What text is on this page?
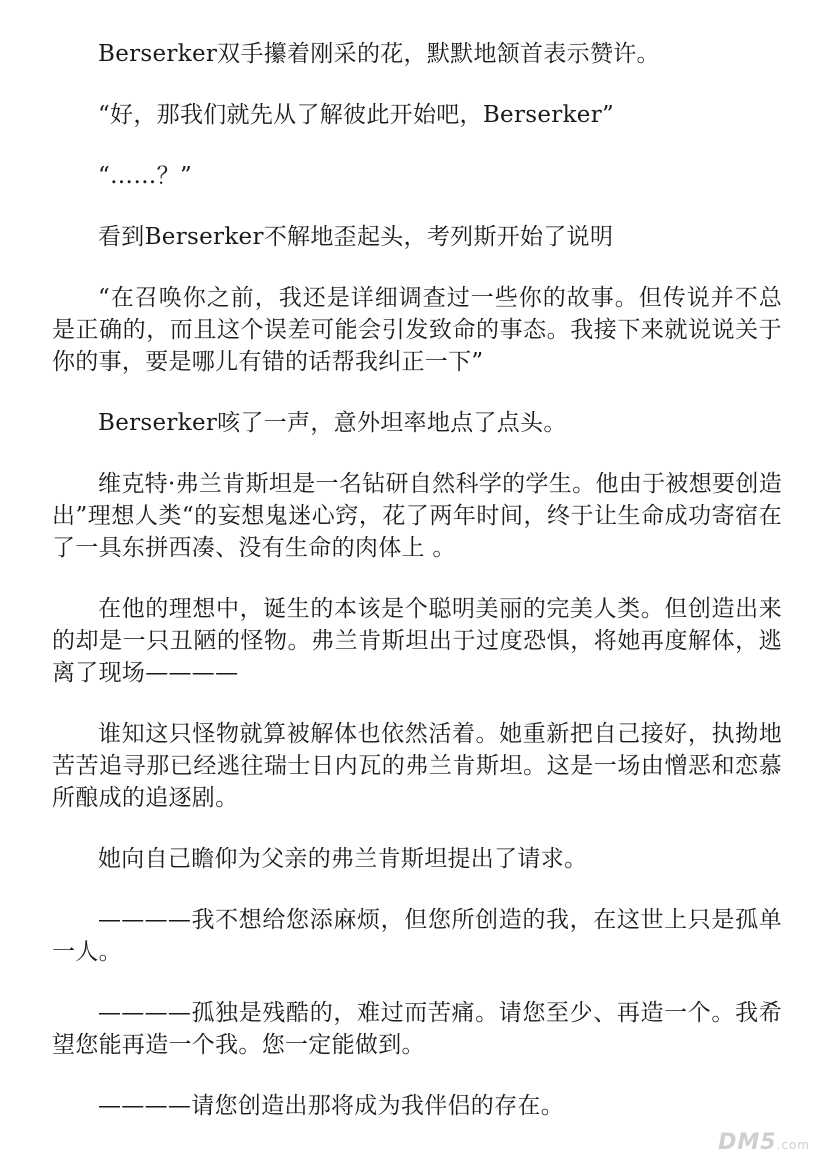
Berserker双手攥着刚采的花，默默地颔首表示赞许。

“好，那我们就先从了解彼此开始吧，Berserker”

“……？”

看到Berserker不解地歪起头，考列斯开始了说明

“在召唤你之前，我还是详细调查过一些你的故事。但传说并不总是正确的，而且这个误差可能会引发致命的事态。我接下来就说说关于你的事，要是哪儿有错的话帮我纠正一下”

Berserker咳了一声，意外坦率地点了点头。

维克特·弗兰肯斯坦是一名钻研自然科学的学生。他由于被想要创造出”理想人类“的妄想鬼迷心窍，花了两年时间，终于让生命成功寄宿在了一具东拼西凑、没有生命的肉体上 。

在他的理想中，诞生的本该是个聪明美丽的完美人类。但创造出来的却是一只丑陋的怪物。弗兰肯斯坦出于过度恐惧，将她再度解体，逃离了现场————

谁知这只怪物就算被解体也依然活着。她重新把自己接好，执拗地苦苦追寻那已经逃往瑞士日内瓦的弗兰肯斯坦。这是一场由憎恶和恋慕所酿成的追逐剧。

她向自己瞻仰为父亲的弗兰肯斯坦提出了请求。

————我不想给您添麻烦，但您所创造的我，在这世上只是孤单一人。

————孤独是残酷的，难过而苦痛。请您至少、再造一个。我希望您能再造一个我。您一定能做到。

————请您创造出那将成为我伴侣的存在。

DM5.com
